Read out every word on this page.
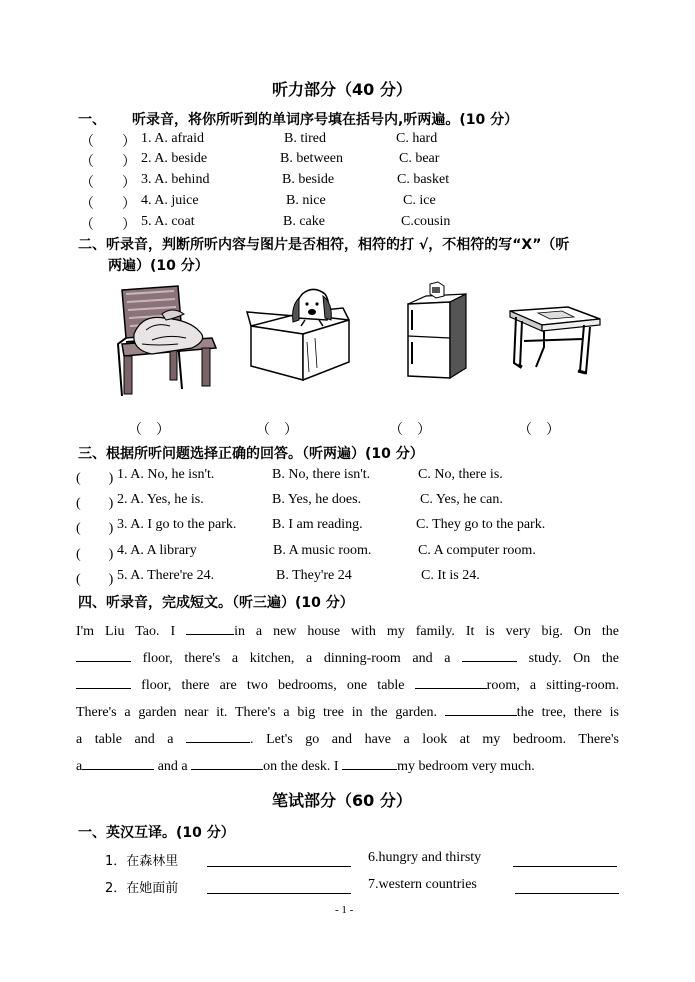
听力部分（40 分）
一、 听录音，将你所听到的单词序号填在括号内,听两遍。(10 分）
（　　） 1. A. afraid	B. tired	C. hard
（　　） 2. A. beside	B. between	C. bear
（　　） 3. A. behind	B. beside	C. basket
（　　） 4. A. juice	B. nice	C. ice
（　　） 5. A. coat	B. cake	C.cousin
二、听录音，判断所听内容与图片是否相符，相符的打 √，不相符的写“X”（听
两遍）(10 分）
（　）	（　）	（　）	（　）
三、根据所听问题选择正确的回答。（听两遍）(10 分）
(　　) 1. A. No, he isn't.	B. No, there isn't.	C. No, there is.
(　　) 2. A. Yes, he is.	B. Yes, he does.	C. Yes, he can.
(　　) 3. A. I go to the park.	B. I am reading.	C. They go to the park.
(　　) 4. A. A library	B. A music room.	C. A computer room.
(　　) 5. A. There're 24.	B. They're 24	C. It is 24.
四、听录音，完成短文。（听三遍）(10 分）
I'm Liu Tao. I	in a new house with my family. It is very big. On the
floor, there's a kitchen, a dinning-room and a	study. On the
floor, there are two bedrooms, one table	room, a sitting-room.
There's a garden near it. There's a big tree in the garden.	the tree, there is
a table and a	. Let's go and have a look at my bedroom. There's
a	and a	on the desk. I	my bedroom very much.
笔试部分（60 分）
一、英汉互译。(10 分）
1．在森林里	6.hungry and thirsty
2．在她面前	7.western countries
- 1 -
